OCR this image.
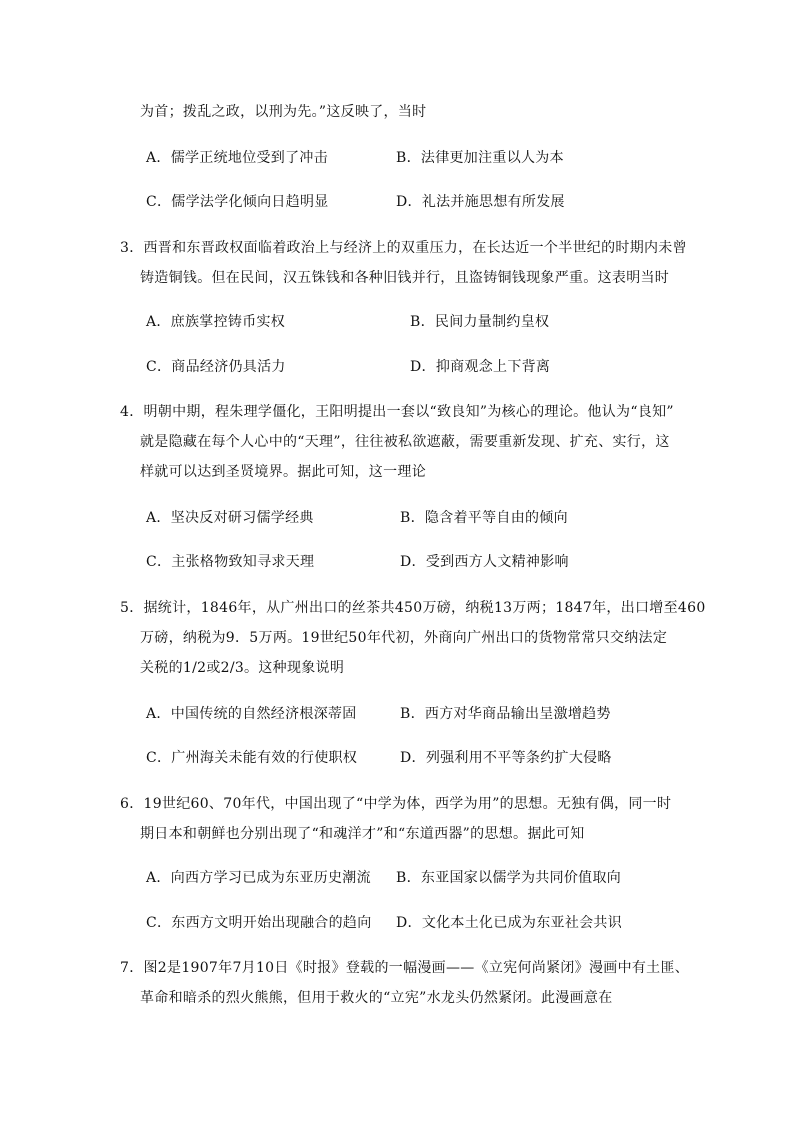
为首；拨乱之政，以刑为先。”这反映了，当时
A．儒学正统地位受到了冲击	B．法律更加注重以人为本
C．儒学法学化倾向日趋明显	D．礼法并施思想有所发展
3．西晋和东晋政权面临着政治上与经济上的双重压力，在长达近一个半世纪的时期内未曾
铸造铜钱。但在民间，汉五铢钱和各种旧钱并行，且盗铸铜钱现象严重。这表明当时
A．庶族掌控铸币实权	B．民间力量制约皇权
C．商品经济仍具活力	D．抑商观念上下背离
4．明朝中期，程朱理学僵化，王阳明提出一套以“致良知”为核心的理论。他认为“良知”
就是隐藏在每个人心中的“天理”，往往被私欲遮蔽，需要重新发现、扩充、实行，这
样就可以达到圣贤境界。据此可知，这一理论
A．坚决反对研习儒学经典	B．隐含着平等自由的倾向
C．主张格物致知寻求天理	D．受到西方人文精神影响
5．据统计，1846年，从广州出口的丝茶共450万磅，纳税13万两；1847年，出口增至460
万磅，纳税为9．5万两。19世纪50年代初，外商向广州出口的货物常常只交纳法定
关税的1/2或2/3。这种现象说明
A．中国传统的自然经济根深蒂固	B．西方对华商品输出呈激增趋势
C．广州海关未能有效的行使职权	D．列强利用不平等条约扩大侵略
6．19世纪60、70年代，中国出现了“中学为体，西学为用”的思想。无独有偶，同一时
期日本和朝鲜也分别出现了“和魂洋才”和“东道西器”的思想。据此可知
A．向西方学习已成为东亚历史潮流 B．东亚国家以儒学为共同价值取向
C．东西方文明开始出现融合的趋向 D．文化本土化已成为东亚社会共识
7．图2是1907年7月10日《时报》登载的一幅漫画——《立宪何尚紧闭》漫画中有土匪、
革命和暗杀的烈火熊熊，但用于救火的“立宪”水龙头仍然紧闭。此漫画意在
